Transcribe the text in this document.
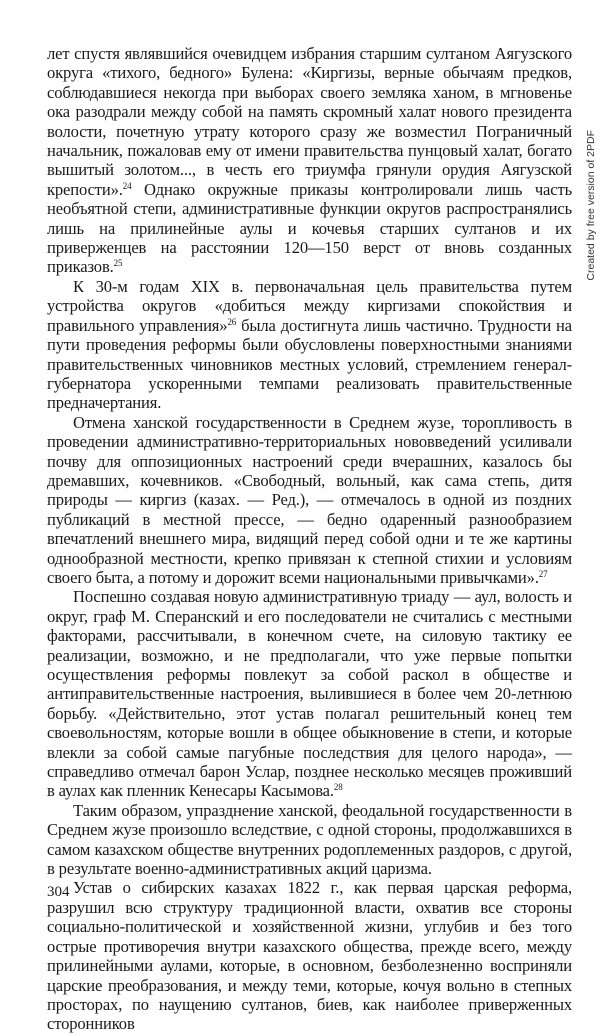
лет спустя являвшийся очевидцем избрания старшим султаном Аягузского округа «тихого, бедного» Булена: «Киргизы, верные обычаям предков, соблюдавшиеся некогда при выборах своего земляка ханом, в мгновенье ока разодрали между собой на память скромный халат нового президента волости, почетную утрату которого сразу же возместил Пограничный начальник, пожаловав ему от имени правительства пунцовый халат, богато вышитый золотом..., в честь его триумфа грянули орудия Аягузской крепости».$^{24}$ Однако окружные приказы контролировали лишь часть необъятной степи, административные функции округов распространялись лишь на прилинейные аулы и кочевья старших султанов и их приверженцев на расстоянии 120—150 верст от вновь созданных приказов.$^{25}$

К 30-м годам XIX в. первоначальная цель правительства путем устройства округов «добиться между киргизами спокойствия и правильного управления»$^{26}$ была достигнута лишь частично. Трудности на пути проведения реформы были обусловлены поверхностными знаниями правительственных чиновников местных условий, стремлением генерал-губернатора ускоренными темпами реализовать правительственные предначертания.

Отмена ханской государственности в Среднем жузе, торопливость в проведении административно-территориальных нововведений усиливали почву для оппозиционных настроений среди вчерашних, казалось бы дремавших, кочевников. «Свободный, вольный, как сама степь, дитя природы — киргиз (казах. — Ред.), — отмечалось в одной из поздних публикаций в местной прессе, — бедно одаренный разнообразием впечатлений внешнего мира, видящий перед собой одни и те же картины однообразной местности, крепко привязан к степной стихии и условиям своего быта, а потому и дорожит всеми национальными привычками».$^{27}$

Поспешно создавая новую административную триаду — аул, волость и округ, граф М. Сперанский и его последователи не считались с местными факторами, рассчитывали, в конечном счете, на силовую тактику ее реализации, возможно, и не предполагали, что уже первые попытки осуществления реформы повлекут за собой раскол в обществе и антиправительственные настроения, вылившиеся в более чем 20-летнюю борьбу. «Действительно, этот устав полагал решительный конец тем своевольностям, которые вошли в общее обыкновение в степи, и которые влекли за собой самые пагубные последствия для целого народа», — справедливо отмечал барон Услар, позднее несколько месяцев проживший в аулах как пленник Кенесары Касымова.$^{28}$

Таким образом, упразднение ханской, феодальной государственности в Среднем жузе произошло вследствие, с одной стороны, продолжавшихся в самом казахском обществе внутренних родоплеменных раздоров, с другой, в результате военно-административных акций царизма.

Устав о сибирских казахах 1822 г., как первая царская реформа, разрушил всю структуру традиционной власти, охватив все стороны социально-политической и хозяйственной жизни, углубив и без того острые противоречия внутри казахского общества, прежде всего, между прилинейными аулами, которые, в основном, безболезненно восприняли царские преобразования, и между теми, которые, кочуя вольно в степных просторах, по наущению султанов, биев, как наиболее приверженных сторонников

Created by free version of 2PDF
304
